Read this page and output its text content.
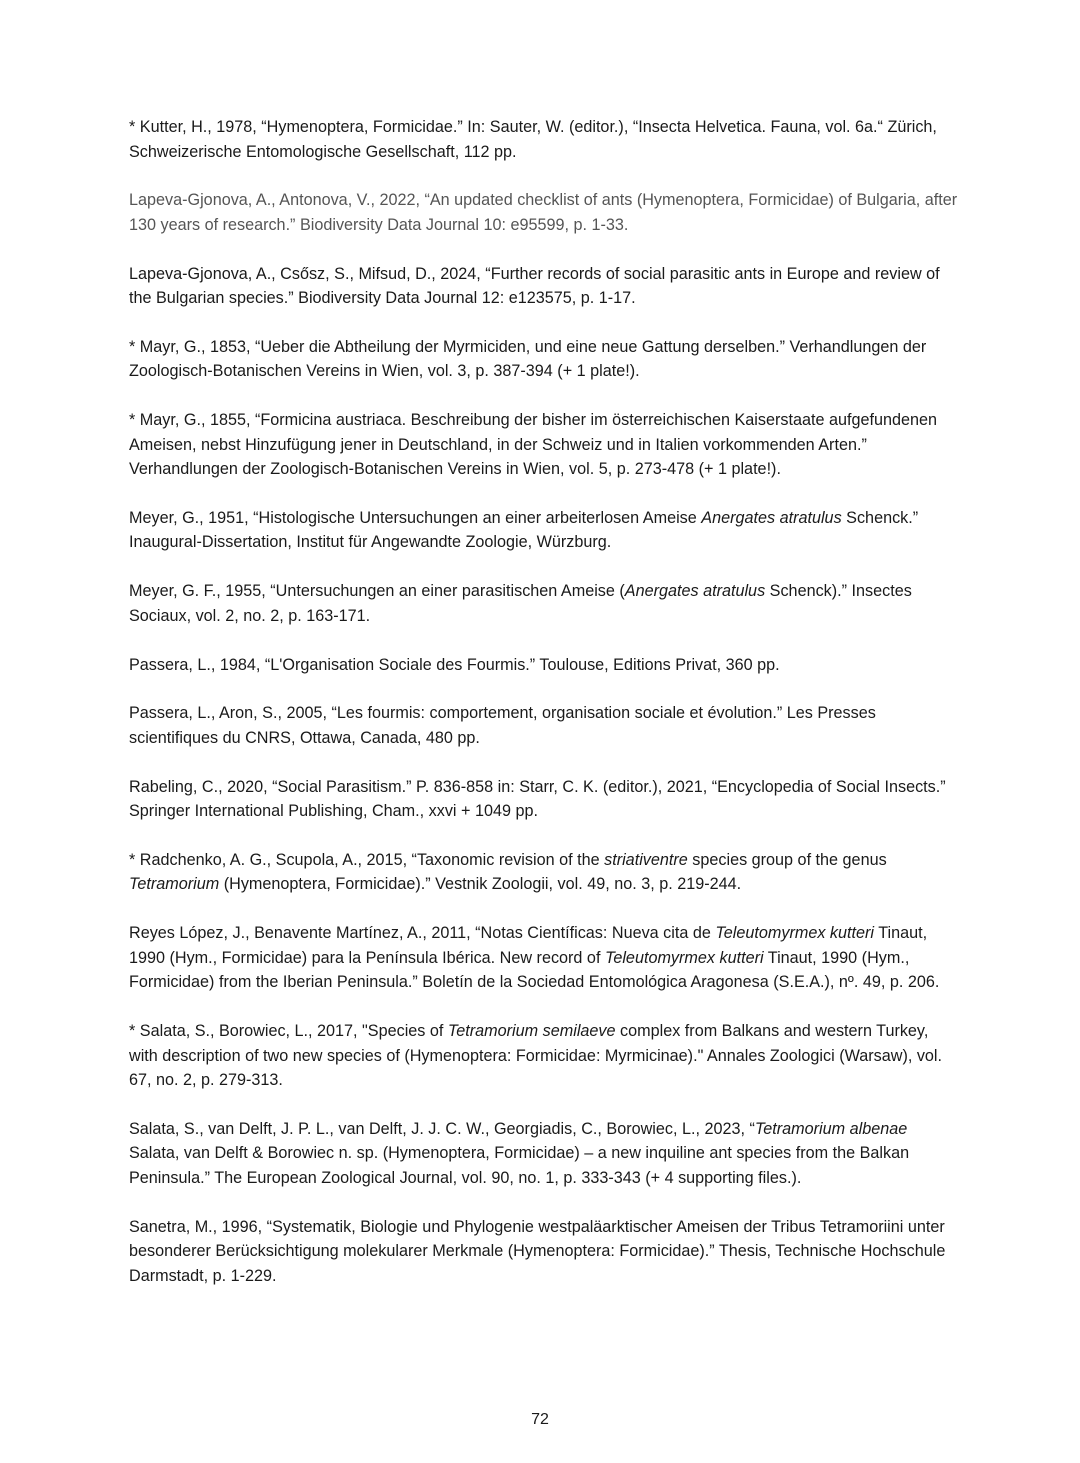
* Kutter, H., 1978, “Hymenoptera, Formicidae.” In: Sauter, W. (editor.), “Insecta Helvetica. Fauna, vol. 6a.“ Zürich, Schweizerische Entomologische Gesellschaft, 112 pp.

Lapeva-Gjonova, A., Antonova, V., 2022, “An updated checklist of ants (Hymenoptera, Formicidae) of Bulgaria, after 130 years of research.” Biodiversity Data Journal 10: e95599, p. 1-33.

Lapeva-Gjonova, A., Csősz, S., Mifsud, D., 2024, “Further records of social parasitic ants in Europe and review of the Bulgarian species.” Biodiversity Data Journal 12: e123575, p. 1-17.

* Mayr, G., 1853, “Ueber die Abtheilung der Myrmiciden, und eine neue Gattung derselben.” Verhandlungen der Zoologisch-Botanischen Vereins in Wien, vol. 3, p. 387-394 (+ 1 plate!).

* Mayr, G., 1855, “Formicina austriaca. Beschreibung der bisher im österreichischen Kaiserstaate aufgefundenen Ameisen, nebst Hinzufügung jener in Deutschland, in der Schweiz und in Italien vorkommenden Arten.” Verhandlungen der Zoologisch-Botanischen Vereins in Wien, vol. 5, p. 273-478 (+ 1 plate!).

Meyer, G., 1951, “Histologische Untersuchungen an einer arbeiterlosen Ameise Anergates atratulus Schenck.” Inaugural-Dissertation, Institut für Angewandte Zoologie, Würzburg.

Meyer, G. F., 1955, “Untersuchungen an einer parasitischen Ameise (Anergates atratulus Schenck).” Insectes Sociaux, vol. 2, no. 2, p. 163-171.

Passera, L., 1984, “L'Organisation Sociale des Fourmis.” Toulouse, Editions Privat, 360 pp.

Passera, L., Aron, S., 2005, “Les fourmis: comportement, organisation sociale et évolution.” Les Presses scientifiques du CNRS, Ottawa, Canada, 480 pp.

Rabeling, C., 2020, “Social Parasitism.” P. 836-858 in: Starr, C. K. (editor.), 2021, “Encyclopedia of Social Insects.” Springer International Publishing, Cham., xxvi + 1049 pp.

* Radchenko, A. G., Scupola, A., 2015, “Taxonomic revision of the striativentre species group of the genus Tetramorium (Hymenoptera, Formicidae).” Vestnik Zoologii, vol. 49, no. 3, p. 219-244.

Reyes López, J., Benavente Martínez, A., 2011, “Notas Científicas: Nueva cita de Teleutomyrmex kutteri Tinaut, 1990 (Hym., Formicidae) para la Península Ibérica. New record of Teleutomyrmex kutteri Tinaut, 1990 (Hym., Formicidae) from the Iberian Peninsula.” Boletín de la Sociedad Entomológica Aragonesa (S.E.A.), nº. 49, p. 206.

* Salata, S., Borowiec, L., 2017, "Species of Tetramorium semilaeve complex from Balkans and western Turkey, with description of two new species of (Hymenoptera: Formicidae: Myrmicinae)." Annales Zoologici (Warsaw), vol. 67, no. 2, p. 279-313.

Salata, S., van Delft, J. P. L., van Delft, J. J. C. W., Georgiadis, C., Borowiec, L., 2023, “Tetramorium albenae Salata, van Delft & Borowiec n. sp. (Hymenoptera, Formicidae) – a new inquiline ant species from the Balkan Peninsula.” The European Zoological Journal, vol. 90, no. 1, p. 333-343 (+ 4 supporting files.).

Sanetra, M., 1996, “Systematik, Biologie und Phylogenie westpaläarktischer Ameisen der Tribus Tetramoriini unter besonderer Berücksichtigung molekularer Merkmale (Hymenoptera: Formicidae).” Thesis, Technische Hochschule Darmstadt, p. 1-229.

72
